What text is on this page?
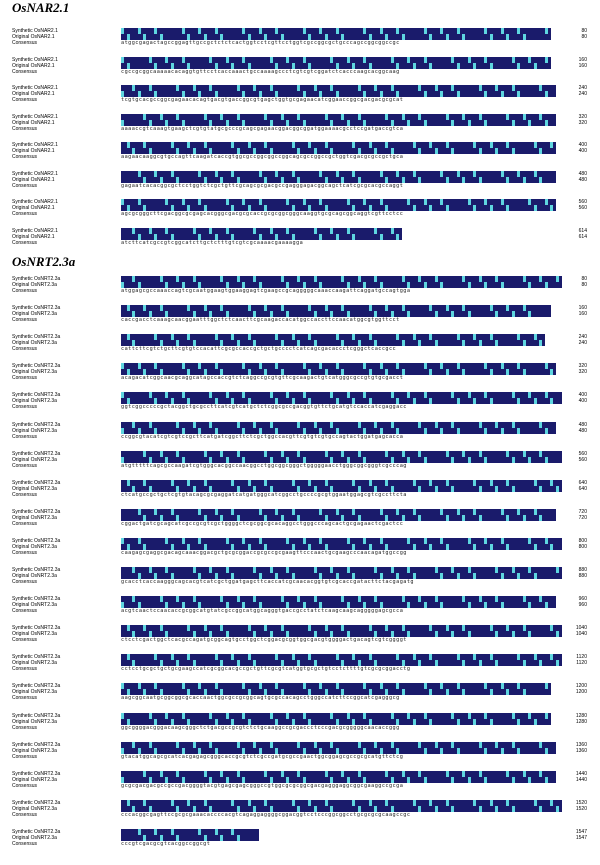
OsNAR2.1
Synthetic OsNAR2.1	80
Original OsNAR2.1	80
Consensus	atggcgagactagccggagttgccgctctctcactggtcctcgttcctggtcgccggcgctgcccagccggcggccgc
Synthetic OsNAR2.1	160
Original OsNAR2.1	160
Consensus	cgccgcggcaaaaacacaggtgttcctcaccaaactgccaaaagccctcgtcgtcggatctcacccaagcacggcaag
Synthetic OsNAR2.1	240
Original OsNAR2.1	240
Consensus	tcgtgcacgccggcgagaacacagtgacgtgaccggcgtgagctggtgcgagaacatcggaaccggcgacgacgcgcat
Synthetic OsNAR2.1	320
Original OsNAR2.1	320
Consensus	aaaaccgtcaaagtgaagctcgtgtatgcgcccgcagcgagaacggacggcggatggaaaacgcctccgatgaccgtca
Synthetic OsNAR2.1	400
Original OsNAR2.1	400
Consensus	aagaacaaggcgtgccagttcaagatcaccgtggcgccggcggccggcagcgccggccgctggtcgacgcgccgctgca
Synthetic OsNAR2.1	480
Original OsNAR2.1	480
Consensus	gagaatcacacggcgctcctggtctcgctgttcgcagcgcgacgccgagggagacggcagctcatcgcgcacgccaggt
Synthetic OsNAR2.1	560
Original OsNAR2.1	560
Consensus	agcgcgggcttcgacggcgcgagcacgggcgacgcgcaccgcgcggcgggcaaggtgcgcagcggcaggtcgttcctcc
Synthetic OsNAR2.1	614
Original OsNAR2.1	614
Consensus	atcttcatcgccgtcggcatcttgctctttgtcgtcgcaaaacgaaaagga
OsNRT2.3a
Synthetic OsNRT2.3a	80
Original OsNRT2.3a	80
Consensus	atggagcgccaaaccagtcgcaatggaagtggaaggagtcgaagccgcagggggcaaaccaagattcaggatgccagtgga
Synthetic OsNRT2.3a	160
Original OsNRT2.3a	160
Consensus	caccgacctcaaagcaacggaatttggctctcaacttcgcaagaccacatggccaccttccaacatggcgtggttcct
Synthetic OsNRT2.3a	240
Original OsNRT2.3a	240
Consensus	cattcttcgtctgcttcgtgtccacattcgcgccaccgctgctgcccctcatcagcgacaccctcgggctcaccgcc
Synthetic OsNRT2.3a	320
Original OsNRT2.3a	320
Consensus	acagacatcggcaacgcaggcatagccaccgtctcaggccgcgtgttcgcaagactgtcatgggcgccgtgtgcgacct
Synthetic OsNRT2.3a	400
Original OsNRT2.3a	400
Consensus	ggtcggcccccgctacggctgcgccttcatcgtcatgctctcggcgccgacggtgttctgcatgtccaccatcgaggacc
Synthetic OsNRT2.3a	480
Original OsNRT2.3a	480
Consensus	ccggcgtacatcgtcgtccgcttcatgatcggcttctcgctggccacgttcgtgtcgtgccagtactggatgagcacca
Synthetic OsNRT2.3a	560
Original OsNRT2.3a	560
Consensus	atgtttttcagcgccaagatcgtgggcacggccaacggcctggcggcgggctgggggaacctgggcggcgggtcgcccag
Synthetic OsNRT2.3a	640
Original OsNRT2.3a	640
Consensus	ctcatgccgctgctcgtgtacagcgcgaggatcatgatgggcatcggcctgccccgcgtggaatggagcgtcgccttcta
Synthetic OsNRT2.3a	720
Original OsNRT2.3a	720
Consensus	cggactgatcgcagcatcgccgcgtcgctggggctcgcggcgcacaggcctgggcccagcactgcgagaactcgactcc
Synthetic OsNRT2.3a	800
Original OsNRT2.3a	800
Consensus	caagagcgaggcgacagcaaacggacgctgcgcggaccgcgccgcgaagttcccaactgcgaagcccaacagatggccgg
Synthetic OsNRT2.3a	880
Original OsNRT2.3a	880
Consensus	gcacctcaccaagggcagcacgtcatcgctggatgagcttcaccatcgcaacacggtgtcgcaccgatacttctacgagatg
Synthetic OsNRT2.3a	960
Original OsNRT2.3a	960
Consensus	acgtcaactccaacaccgcggcatgtatcgccggcatggcagggtgaccgcctatctcaagcaagcagggggagcgcca
Synthetic OsNRT2.3a	1040
Original OsNRT2.3a	1040
Consensus	ctcctcgactggctcacgccagatgcggcagtgcctggctcggacgcggtggcgacgtggggactgacagtcgtcggggt
Synthetic OsNRT2.3a	1120
Original OsNRT2.3a	1120
Consensus	cctcctgcgctgctgcgaagccatcgcggcacgccgctgttcgcgtcatggtgcgctgtcctcttttgtcgcgcggacctg
Synthetic OsNRT2.3a	1200
Original OsNRT2.3a	1200
Consensus	aagcggcaatgcggcggcgcaccaactggcgccgcggcagtgcgccacagcctgggccatcttccggcatcgagggcg
Synthetic OsNRT2.3a	1280
Original OsNRT2.3a	1280
Consensus	ggcggggacgggacaagcgggctctgacgccgcgtctctgcaaggccgcgaccctcccgacgcgggggcaacaccggg
Synthetic OsNRT2.3a	1360
Original OsNRT2.3a	1360
Consensus	gtacatggcagcgcatcacgagagcgggcaccgcgtctcgccgatgcgccgaactggcggagcgccgcgcatgttctcg
Synthetic OsNRT2.3a	1440
Original OsNRT2.3a	1440
Consensus	gcgcgacgacgccgccgacggggtacgtgagcgagcgggccgtggcgcgcggcgacgagggaggcggcgaaggccgcga
Synthetic OsNRT2.3a	1520
Original OsNRT2.3a	1520
Consensus	cccacggcgagttccgcgcgaaacaccccacgtcagaggaggggcggacggtcctcccggcggcctgcgcgcgcaagccgc
Synthetic OsNRT2.3a	1547
Original OsNRT2.3a	1547
Consensus	cccgtcgacgcgtcacggccggcgt
